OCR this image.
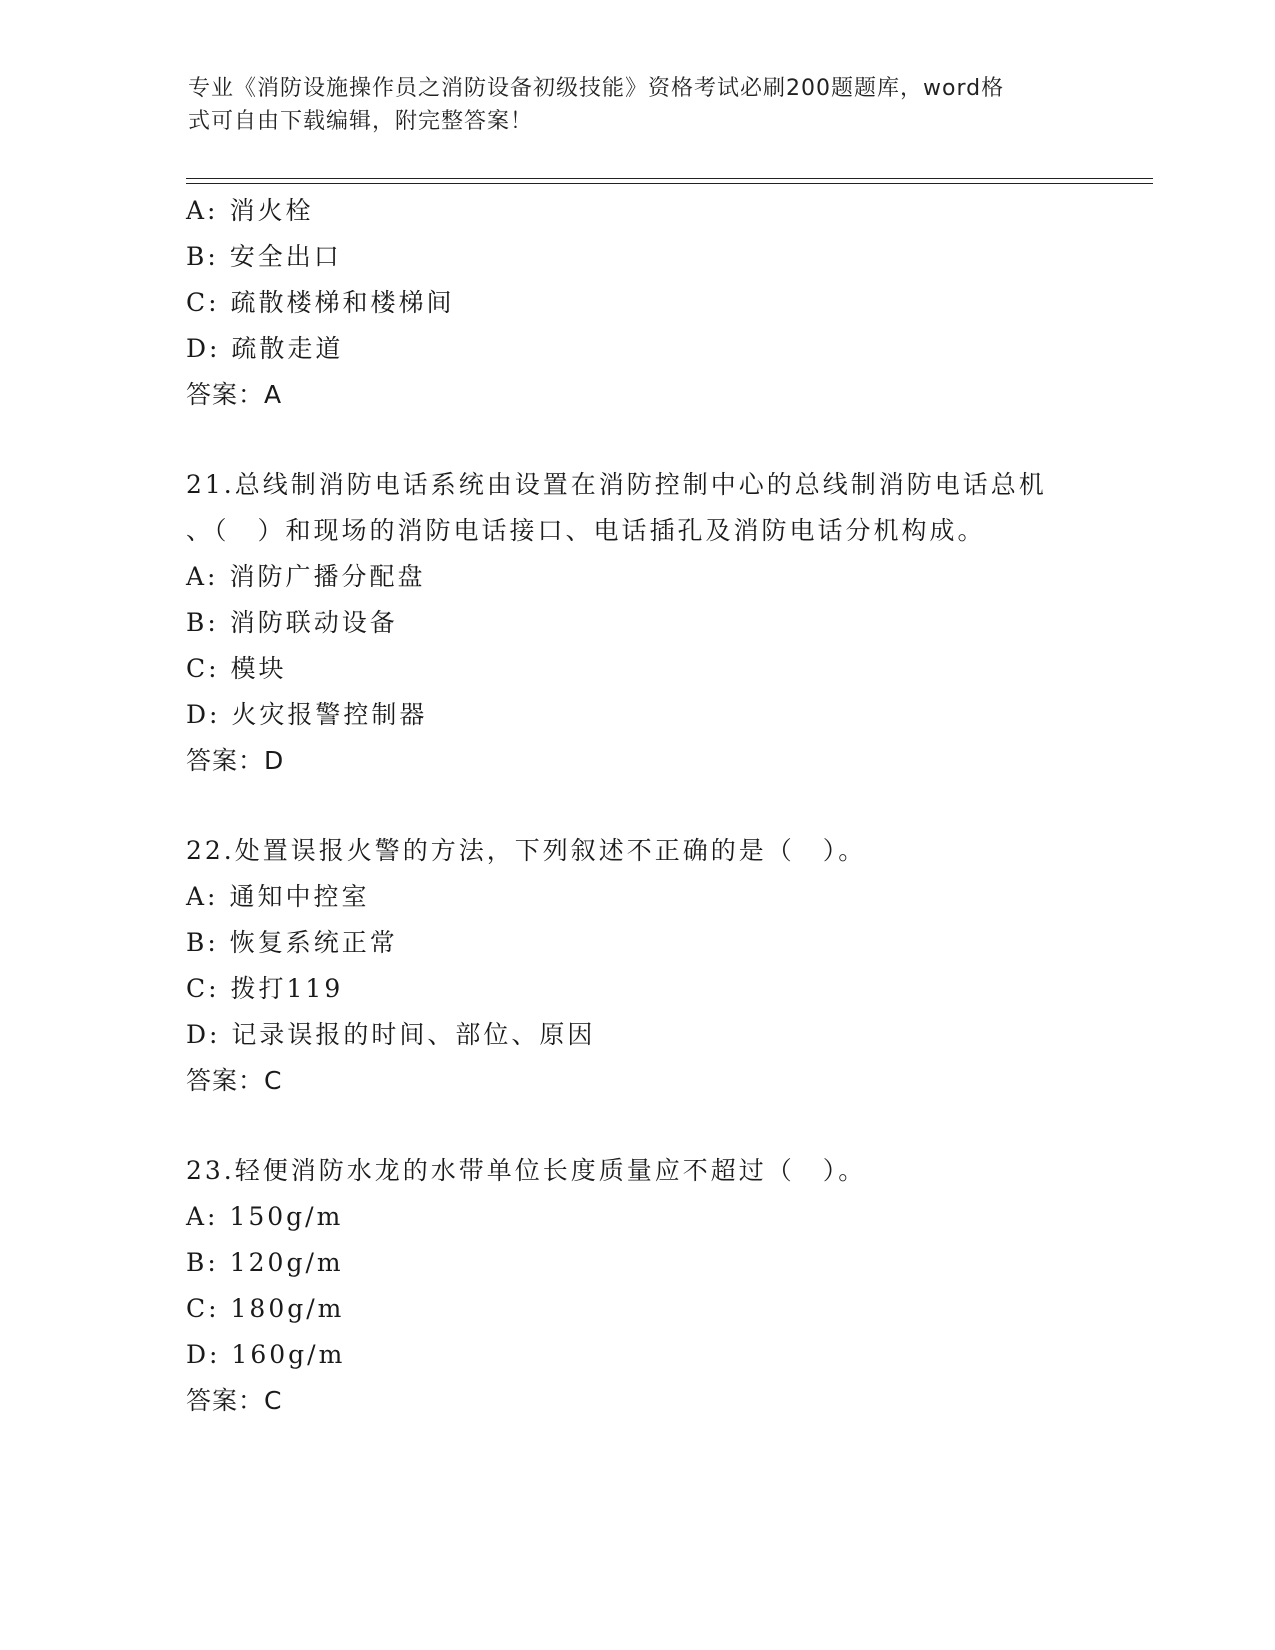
专业《消防设施操作员之消防设备初级技能》资格考试必刷200题题库，word格
式可自由下载编辑，附完整答案！
A: 消火栓
B: 安全出口
C: 疏散楼梯和楼梯间
D: 疏散走道
答案：A
21.总线制消防电话系统由设置在消防控制中心的总线制消防电话总机
、（　）和现场的消防电话接口、电话插孔及消防电话分机构成。
A: 消防广播分配盘
B: 消防联动设备
C: 模块
D: 火灾报警控制器
答案：D
22.处置误报火警的方法，下列叙述不正确的是（　）。
A: 通知中控室
B: 恢复系统正常
C: 拨打119
D: 记录误报的时间、部位、原因
答案：C
23.轻便消防水龙的水带单位长度质量应不超过（　）。
A: 150g/m
B: 120g/m
C: 180g/m
D: 160g/m
答案：C
